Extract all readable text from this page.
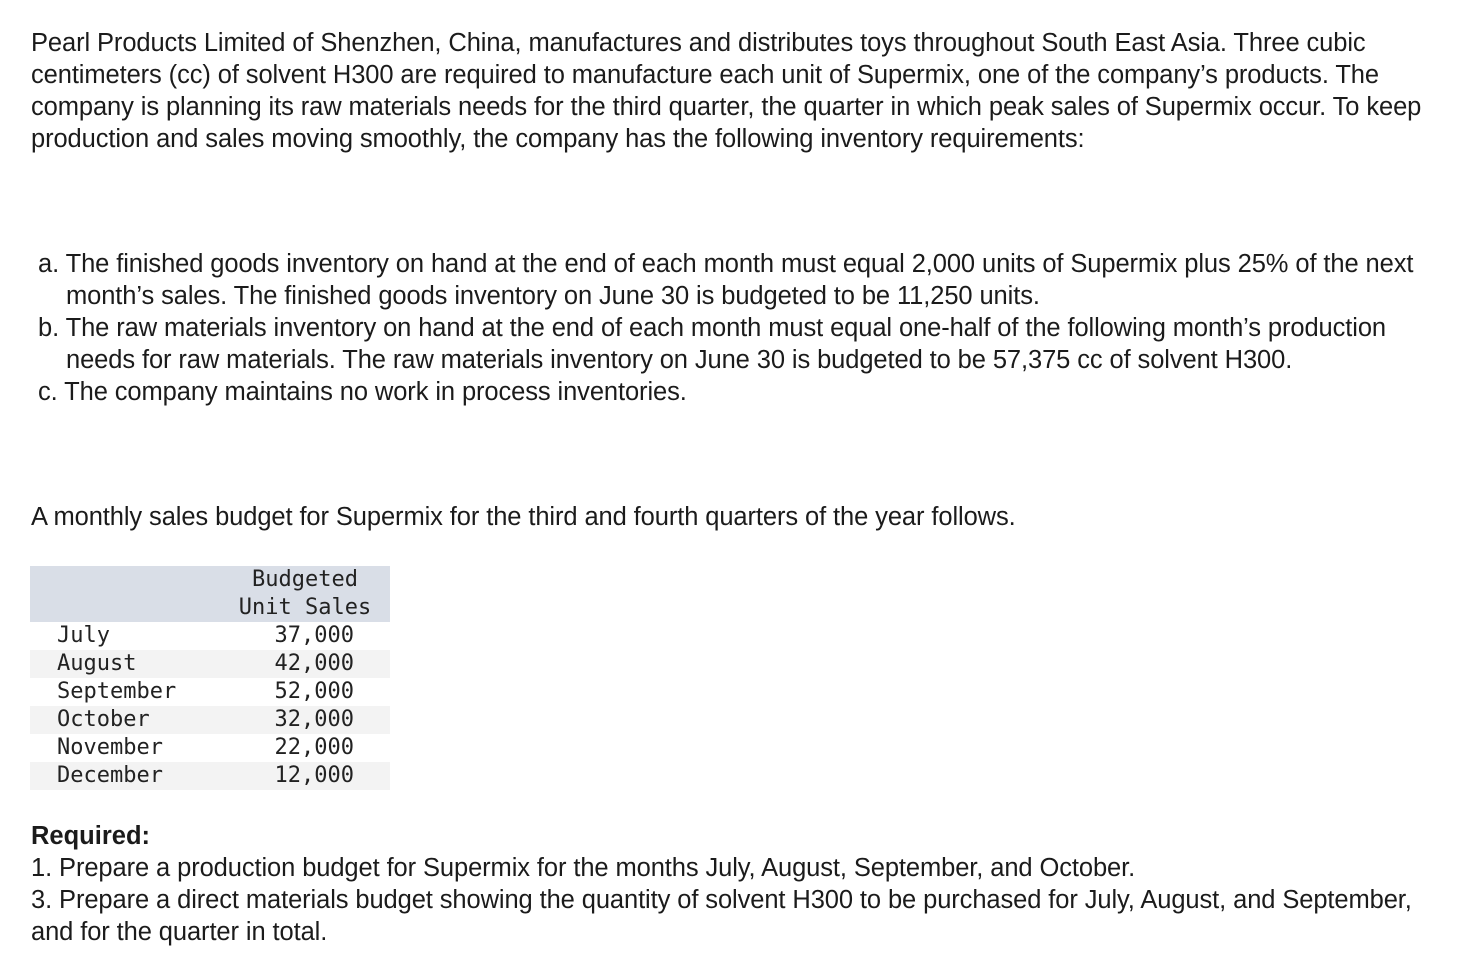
Pearl Products Limited of Shenzhen, China, manufactures and distributes toys throughout South East Asia. Three cubic centimeters (cc) of solvent H300 are required to manufacture each unit of Supermix, one of the company’s products. The company is planning its raw materials needs for the third quarter, the quarter in which peak sales of Supermix occur. To keep production and sales moving smoothly, the company has the following inventory requirements:

a. The finished goods inventory on hand at the end of each month must equal 2,000 units of Supermix plus 25% of the next month’s sales. The finished goods inventory on June 30 is budgeted to be 11,250 units.
b. The raw materials inventory on hand at the end of each month must equal one-half of the following month’s production needs for raw materials. The raw materials inventory on June 30 is budgeted to be 57,375 cc of solvent H300.
c. The company maintains no work in process inventories.

A monthly sales budget for Supermix for the third and fourth quarters of the year follows.

	Budgeted
Unit Sales
July	37,000
August	42,000
September	52,000
October	32,000
November	22,000
December	12,000

Required:

1. Prepare a production budget for Supermix for the months July, August, September, and October.
3. Prepare a direct materials budget showing the quantity of solvent H300 to be purchased for July, August, and September, and for the quarter in total.
